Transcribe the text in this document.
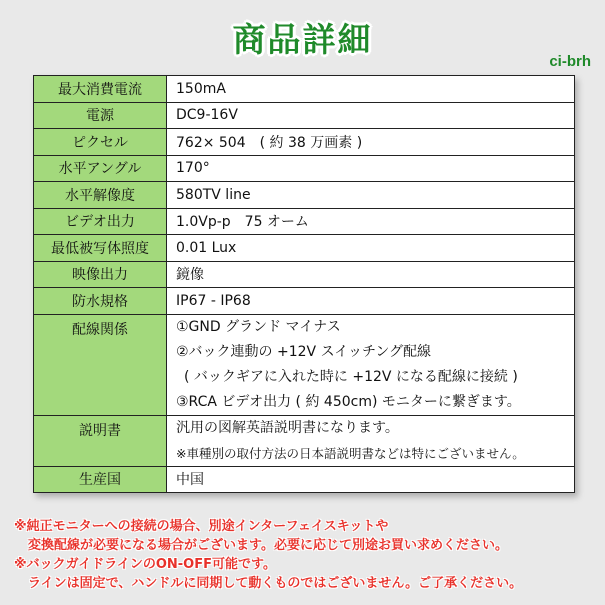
商品詳細
ci-brh
最大消費電流	150mA
電源	DC9-16V
ピクセル	762× 504　( 約 38 万画素 )
水平アングル	170°
水平解像度	580TV line
ビデオ出力	1.0Vp-p　75 オーム
最低被写体照度	0.01 Lux
映像出力	鏡像
防水規格	IP67 - IP68

配線関係	①GND グランド マイナス
②バック連動の +12V スイッチング配線
( バックギアに入れた時に +12V になる配線に接続 )
③RCA ビデオ出力 ( 約 450cm) モニターに繋ぎます。

説明書	汎用の図解英語説明書になります。
※車種別の取付方法の日本語説明書などは特にございません。

生産国	中国
※純正モニターへの接続の場合、別途インターフェイスキットや
変換配線が必要になる場合がございます。必要に応じて別途お買い求めください。
※バックガイドラインのON-OFF可能です。
ラインは固定で、ハンドルに同期して動くものではございません。ご了承ください。
